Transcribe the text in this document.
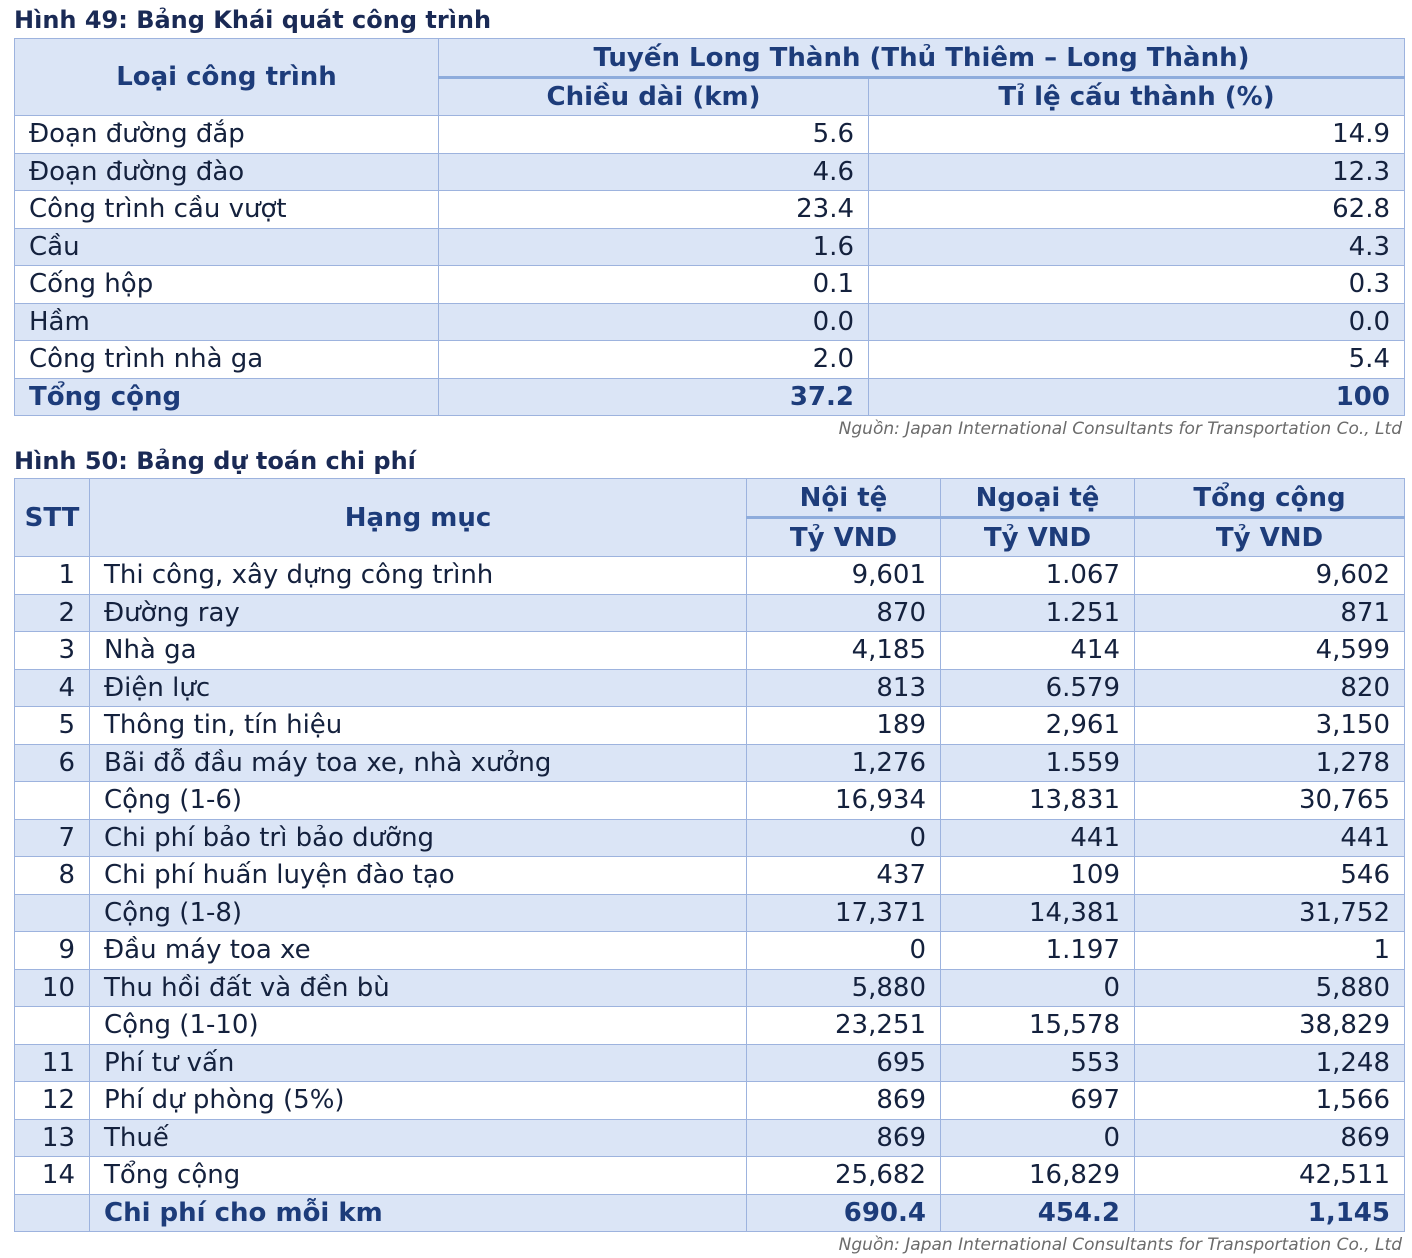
Hình 49: Bảng Khái quát công trình
Loại công trình	Tuyến Long Thành (Thủ Thiêm – Long Thành)	
	Chiều dài (km)	Tỉ lệ cấu thành (%)
Đoạn đường đắp	5.6	14.9
Đoạn đường đào	4.6	12.3
Công trình cầu vượt	23.4	62.8
Cầu	1.6	4.3
Cống hộp	0.1	0.3
Hầm	0.0	0.0
Công trình nhà ga	2.0	5.4
Tổng cộng	37.2	100
Nguồn: Japan International Consultants for Transportation Co., Ltd
Hình 50: Bảng dự toán chi phí
STT	Hạng mục	Nội tệ	Ngoại tệ	Tổng cộng
		Tỷ VND	Tỷ VND	Tỷ VND
1	Thi công, xây dựng công trình	9,601	1.067	9,602
2	Đường ray	870	1.251	871
3	Nhà ga	4,185	414	4,599
4	Điện lực	813	6.579	820
5	Thông tin, tín hiệu	189	2,961	3,150
6	Bãi đỗ đầu máy toa xe, nhà xưởng	1,276	1.559	1,278
	Cộng (1-6)	16,934	13,831	30,765
7	Chi phí bảo trì bảo dưỡng	0	441	441
8	Chi phí huấn luyện đào tạo	437	109	546
	Cộng (1-8)	17,371	14,381	31,752
9	Đầu máy toa xe	0	1.197	1
10	Thu hồi đất và đền bù	5,880	0	5,880
	Cộng (1-10)	23,251	15,578	38,829
11	Phí tư vấn	695	553	1,248
12	Phí dự phòng (5%)	869	697	1,566
13	Thuế	869	0	869
14	Tổng cộng	25,682	16,829	42,511
	Chi phí cho mỗi km	690.4	454.2	1,145
Nguồn: Japan International Consultants for Transportation Co., Ltd
